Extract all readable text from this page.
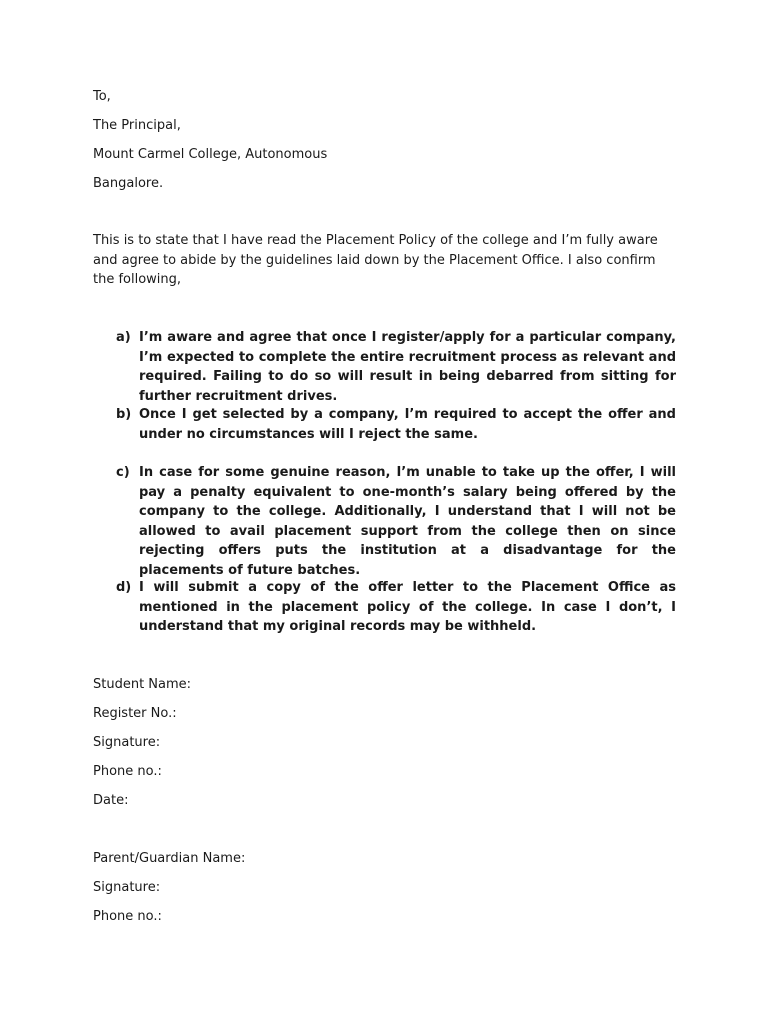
To,
The Principal,
Mount Carmel College, Autonomous
Bangalore.

This is to state that I have read the Placement Policy of the college and I’m fully aware and agree to abide by the guidelines laid down by the Placement Office. I also confirm the following,

a) I’m aware and agree that once I register/apply for a particular company, I’m expected to complete the entire recruitment process as relevant and required. Failing to do so will result in being debarred from sitting for further recruitment drives.
b) Once I get selected by a company, I’m required to accept the offer and under no circumstances will I reject the same.
c) In case for some genuine reason, I’m unable to take up the offer, I will pay a penalty equivalent to one-month’s salary being offered by the company to the college. Additionally, I understand that I will not be allowed to avail placement support from the college then on since rejecting offers puts the institution at a disadvantage for the placements of future batches.
d) I will submit a copy of the offer letter to the Placement Office as mentioned in the placement policy of the college. In case I don’t, I understand that my original records may be withheld.
Student Name:
Register No.:
Signature:
Phone no.:
Date:
Parent/Guardian Name:
Signature:
Phone no.:
